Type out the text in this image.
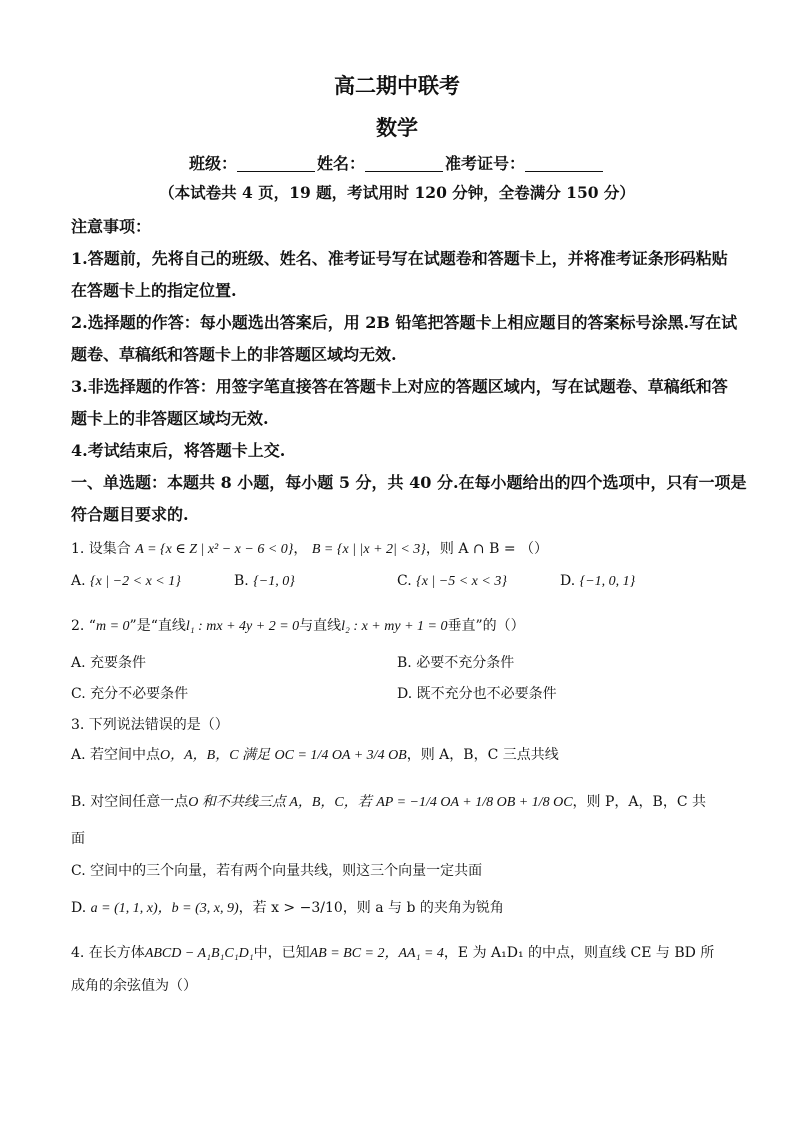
高二期中联考
数学
班级：	姓名：	准考证号：
（本试卷共 4 页，19 题，考试用时 120 分钟，全卷满分 150 分）
注意事项：
1.答题前，先将自己的班级、姓名、准考证号写在试题卷和答题卡上，并将准考证条形码粘贴
在答题卡上的指定位置.
2.选择题的作答：每小题选出答案后，用 2B 铅笔把答题卡上相应题目的答案标号涂黑.写在试
题卷、草稿纸和答题卡上的非答题区域均无效.
3.非选择题的作答：用签字笔直接答在答题卡上对应的答题区域内，写在试题卷、草稿纸和答
题卡上的非答题区域均无效.
4.考试结束后，将答题卡上交.
一、单选题：本题共 8 小题，每小题 5 分，共 40 分.在每小题给出的四个选项中，只有一项是
符合题目要求的.
1. 设集合 A = {x ∈ Z | x² − x − 6 < 0}， B = {x | |x + 2| < 3}，则 A ∩ B = （）
A. {x | −2 < x < 1}	B. {−1, 0}	C. {x | −5 < x < 3}	D. {−1, 0, 1}
2. “m = 0”是“直线l₁ : mx + 4y + 2 = 0与直线l₂ : x + my + 1 = 0垂直”的（）
A. 充要条件	B. 必要不充分条件
C. 充分不必要条件	D. 既不充分也不必要条件
3. 下列说法错误的是（）
A. 若空间中点O，A，B，C 满足 OC = 1/4 OA + 3/4 OB，则 A，B，C 三点共线
B. 对空间任意一点O 和不共线三点 A，B，C，若 AP = −1/4 OA + 1/8 OB + 1/8 OC，则 P，A，B，C 共
面
C. 空间中的三个向量，若有两个向量共线，则这三个向量一定共面
D. a = (1, 1, x)，b = (3, x, 9)，若 x > −3/10，则 a 与 b 的夹角为锐角
4. 在长方体ABCD − A₁B₁C₁D₁中，已知AB = BC = 2，AA₁ = 4，E 为 A₁D₁ 的中点，则直线 CE 与 BD 所
成角的余弦值为（）
